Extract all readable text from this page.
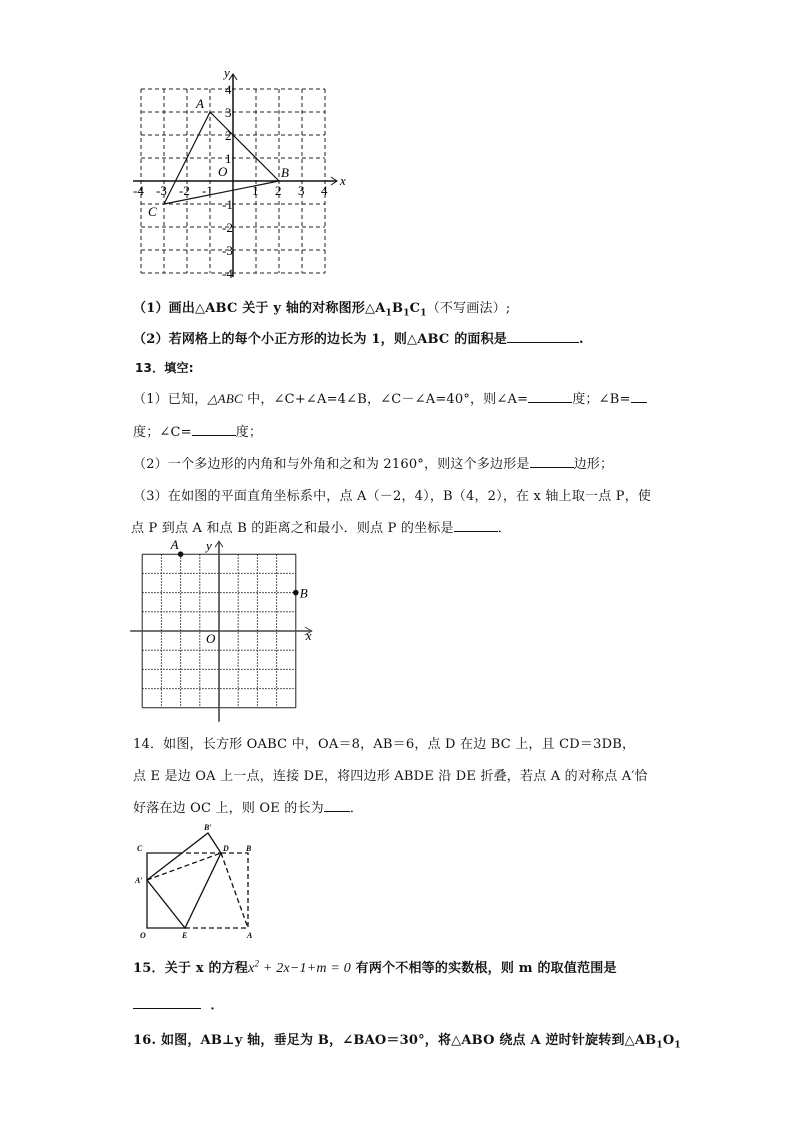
x
y
O
-4 -3 -2 -1	1 2 3 4
4
3
2
1
-1
-2
-3
-4
A
B
C
（1）画出△ABC 关于 y 轴的对称图形$\triangle A_1B_1C_1$（不写画法）;
（2）若网格上的每个小正方形的边长为 1，则△ABC 的面积是	.
13．填空:
（1）已知，△ABC 中，∠C+∠A=4∠B，∠C－∠A=40°，则∠A=	度；∠B=
度；∠C=	度；
（2）一个多边形的内角和与外角和之和为 2160°，则这个多边形是	边形；
（3）在如图的平面直角坐标系中，点 A（－2，4），B（4，2），在 x 轴上取一点 P，使
点 P 到点 A 和点 B 的距离之和最小．则点 P 的坐标是	．
x
y
O
A
B
14．如图，长方形 OABC 中，OA＝8，AB＝6，点 D 在边 BC 上，且 CD＝3DB，
点 E 是边 OA 上一点，连接 DE，将四边形 ABDE 沿 DE 折叠，若点 A 的对称点 A′恰
好落在边 OC 上，则 OE 的长为 ．
C
B′
D B
A′
O	E	A
15．关于 x 的方程$x^2 + 2x-1+m = 0$ 有两个不相等的实数根，则 m 的取值范围是
．
16. 如图，AB⊥y 轴，垂足为 B，∠BAO＝30°，将△ABO 绕点 A 逆时针旋转到$\triangle AB_1O_1$
